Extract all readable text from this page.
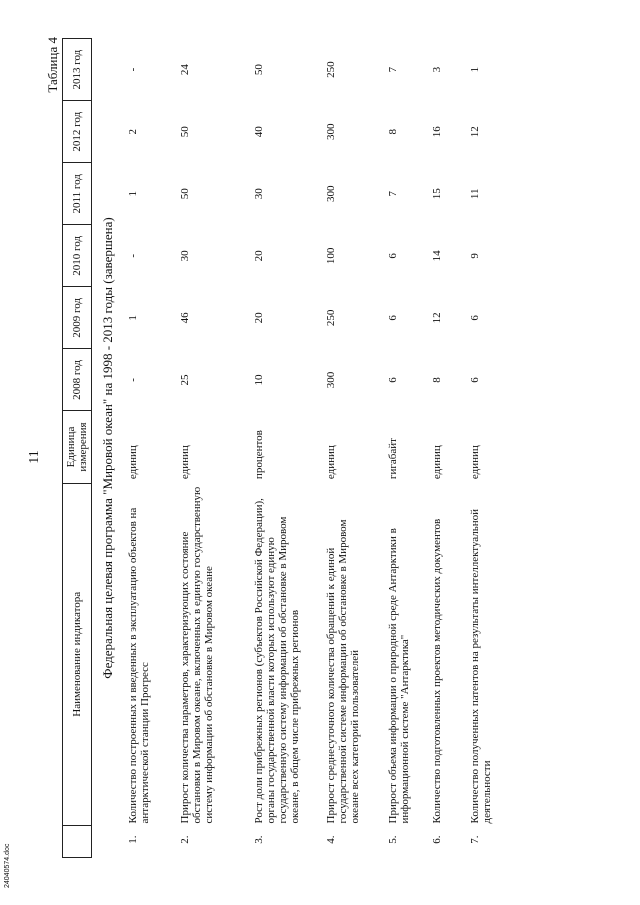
11
Таблица 4
	Наименование индикатора	Единица измерения	2008 год	2009 год	2010 год	2011 год	2012 год	2013 год
Федеральная целевая программа "Мировой океан" на 1998 - 2013 годы (завершена)								
1.	Количество построенных и введенных в эксплуатацию объектов на антарктической станции Прогресс	единиц	-	1	-	1	2	-
2.	Прирост количества параметров, характеризующих состояние обстановки в Мировом океане, включенных в единую государственную систему информации об обстановке в Мировом океане	единиц	25	46	30	50	50	24
3.	Рост доли прибрежных регионов (субъектов Российской Федерации), органы государственной власти которых используют единую государственную систему информации об обстановке в Мировом океане, в общем числе прибрежных регионов	процентов	10	20	20	30	40	50
4.	Прирост среднесуточного количества обращений к единой государственной системе информации об обстановке в Мировом океане всех категорий пользователей	единиц	300	250	100	300	300	250
5.	Прирост объема информации о природной среде Антарктики в информационной системе "Антарктика"	гигабайт	6	6	6	7	8	7
6.	Количество подготовленных проектов методических документов	единиц	8	12	14	15	16	3
7.	Количество полученных патентов на результаты интеллектуальной деятельности	единиц	6	6	9	11	12	1
24040574.doc
